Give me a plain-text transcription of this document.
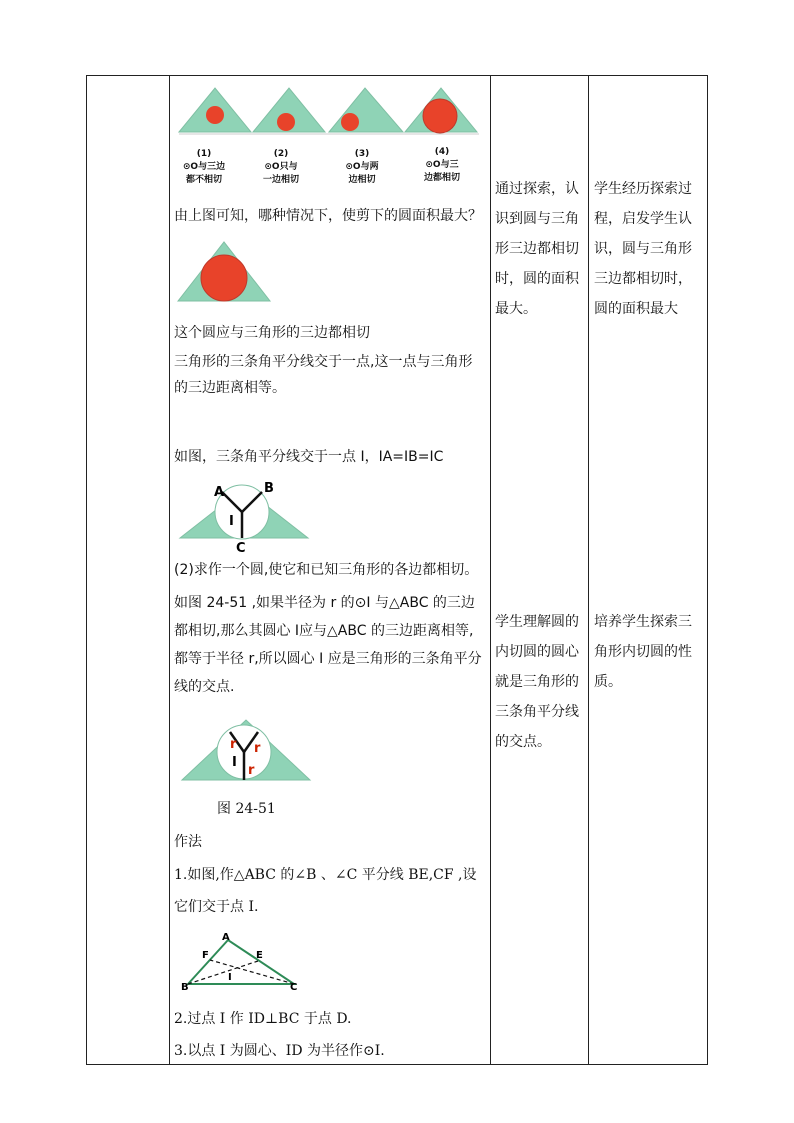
(1)
⊙O与三边
都不相切
(2)
⊙O只与
一边相切
(3)
⊙O与两
边相切
(4)
⊙O与三
边都相切
由上图可知，哪种情况下，使剪下的圆面积最大？
这个圆应与三角形的三边都相切
三角形的三条角平分线交于一点,这一点与三角形的三边距离相等。
如图，三条角平分线交于一点 I，IA=IB=IC
A	B
I
C
(2)求作一个圆,使它和已知三角形的各边都相切。
如图 24-51 ,如果半径为 r 的⊙I 与△ABC 的三边都相切,那么其圆心 I应与△ABC 的三边距离相等,都等于半径 r,所以圆心 I 应是三角形的三条角平分线的交点.
r r
r
I
图 24-51
作法
1.如图,作△ABC 的∠B 、∠C 平分线 BE,CF ,设它们交于点 I.
A
B	C
E
F
I
2.过点 I 作 ID⊥BC 于点 D.
3.以点 I 为圆心、ID 为半径作⊙I.
通过探索，认识到圆与三角形三边都相切时，圆的面积最大。
学生理解圆的内切圆的圆心就是三角形的三条角平分线的交点。
学生经历探索过程，启发学生认识，圆与三角形三边都相切时，圆的面积最大
培养学生探索三角形内切圆的性质。
